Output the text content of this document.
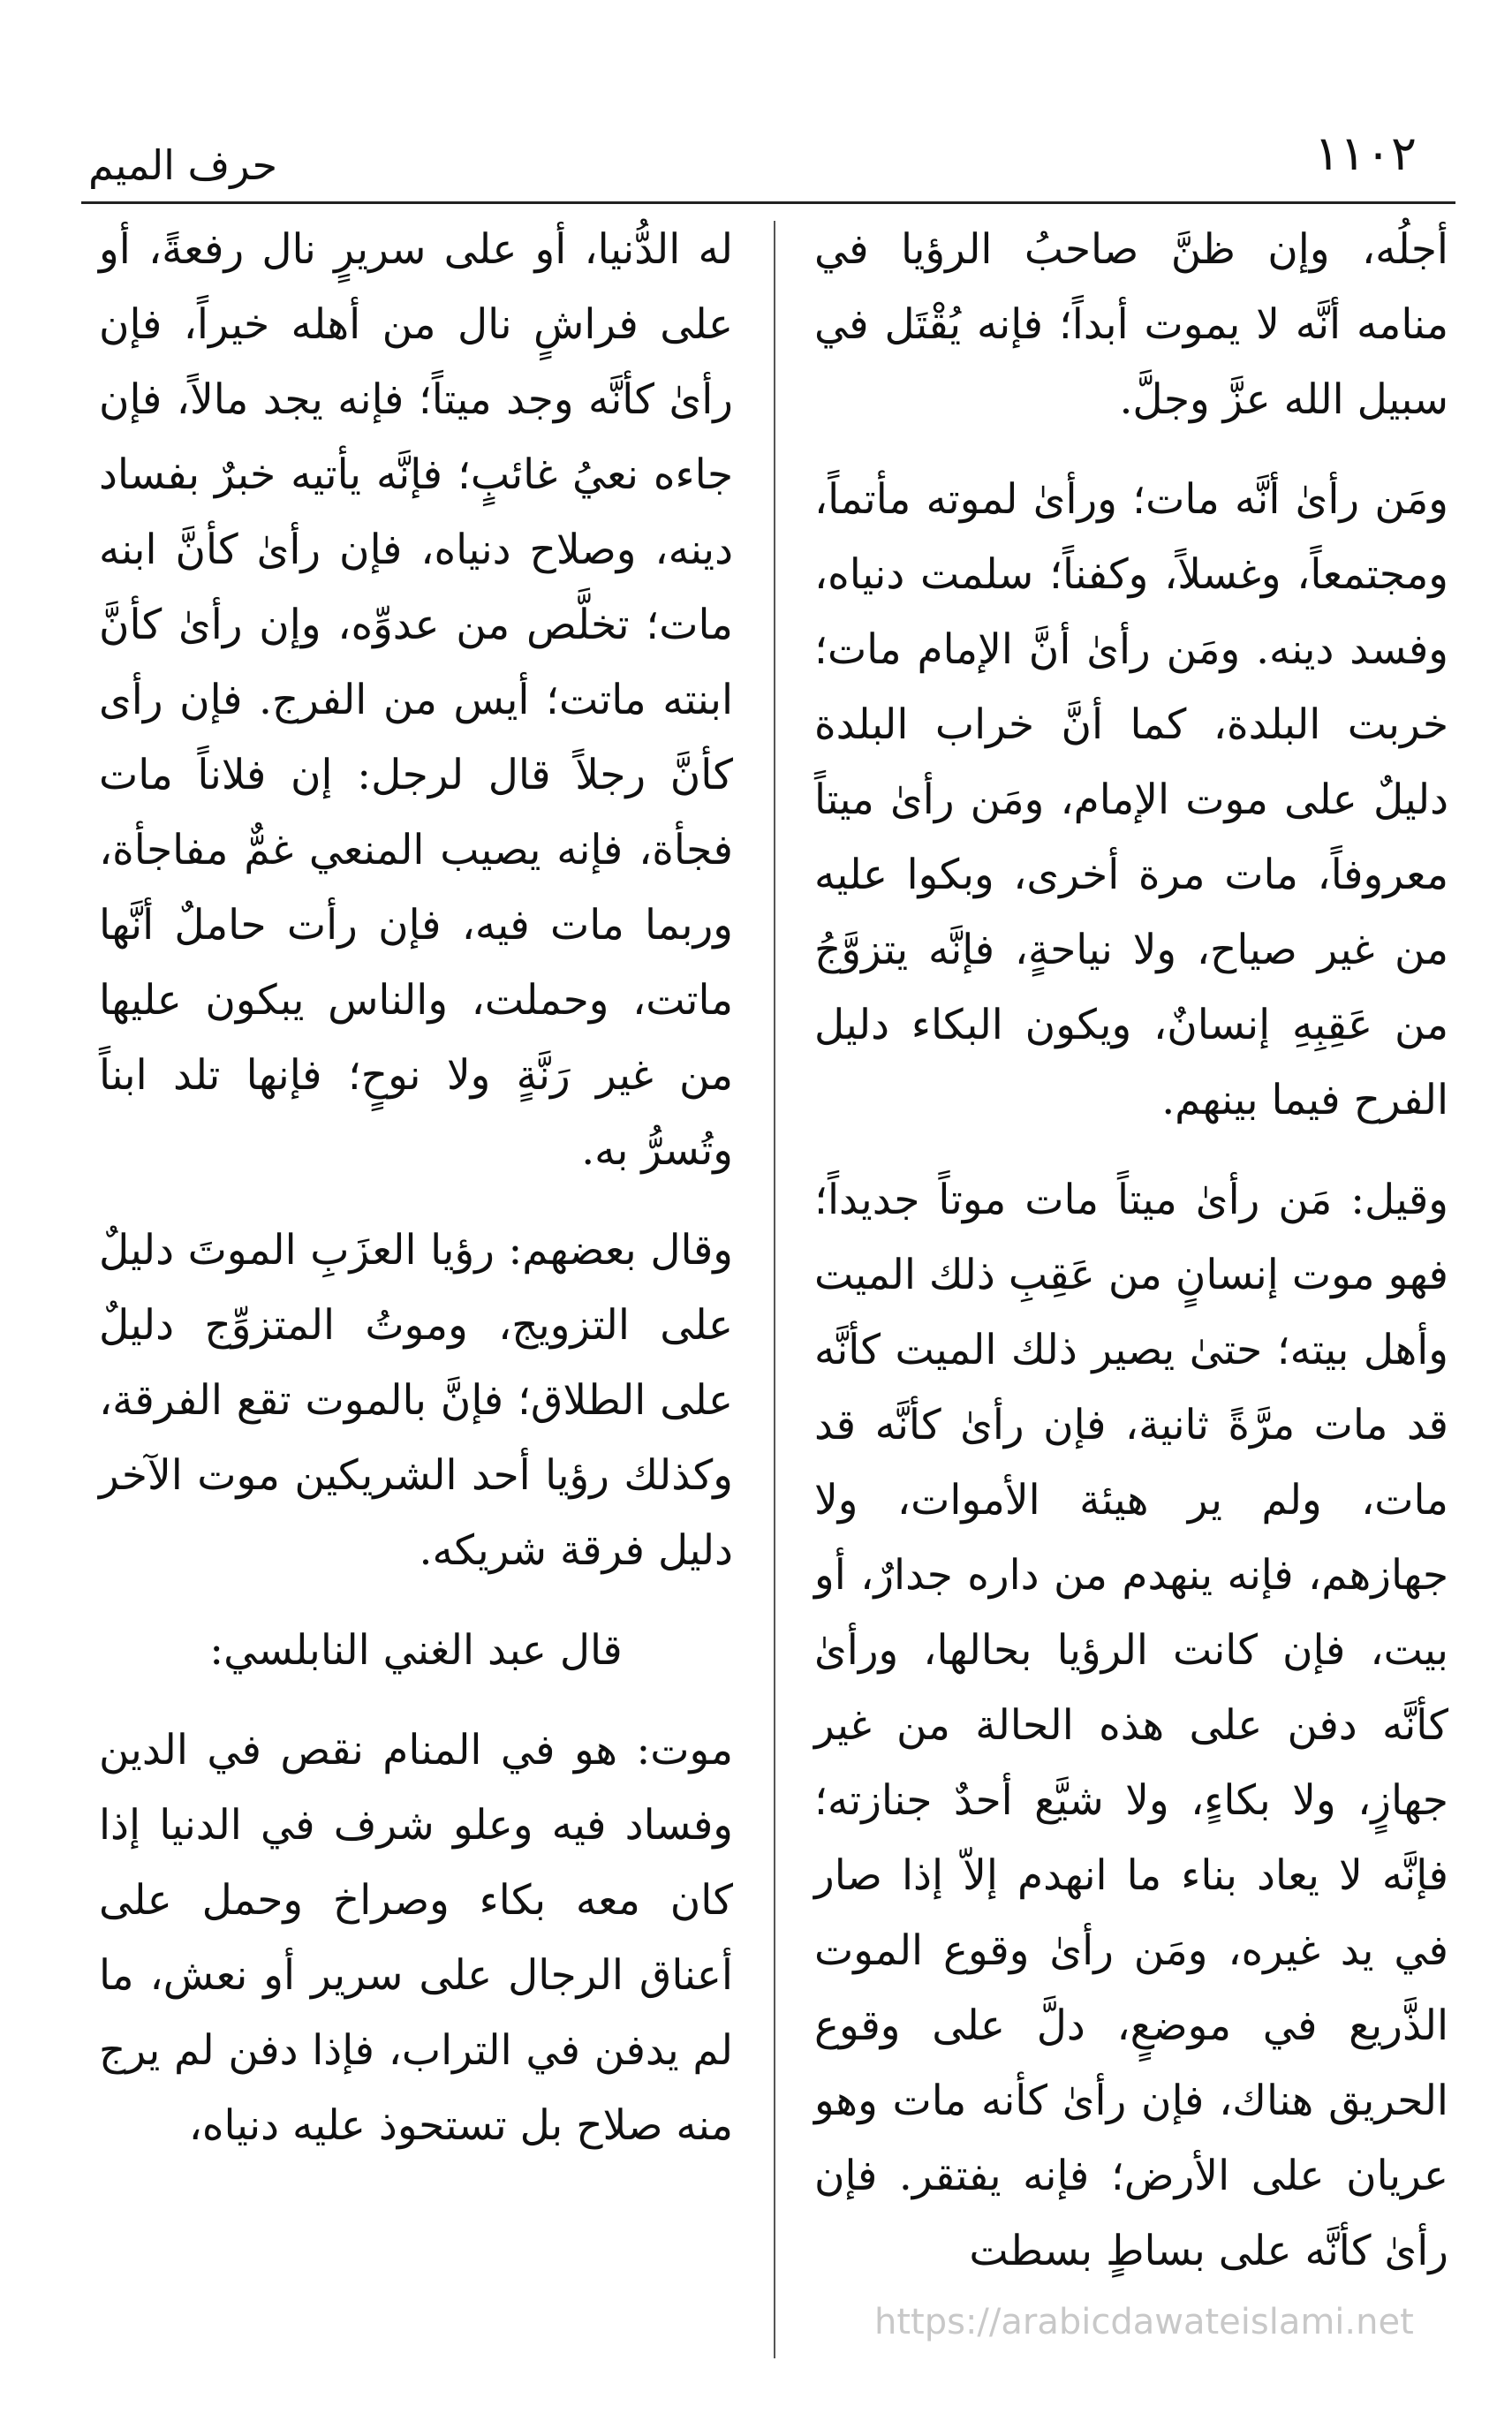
١١٠٢
حرف الميم

أجلُه، وإن ظنَّ صاحبُ الرؤيا في منامه أنَّه لا يموت أبداً؛ فإنه يُقْتَل في سبيل الله عزَّ وجلَّ.

ومَن رأىٰ أنَّه مات؛ ورأىٰ لموته مأتماً، ومجتمعاً، وغسلاً، وكفناً؛ سلمت دنياه، وفسد دينه. ومَن رأىٰ أنَّ الإمام مات؛ خربت البلدة، كما أنَّ خراب البلدة دليلٌ على موت الإمام، ومَن رأىٰ ميتاً معروفاً، مات مرة أخرى، وبكوا عليه من غير صياح، ولا نياحةٍ، فإنَّه يتزوَّجُ من عَقِبِهِ إنسانٌ، ويكون البكاء دليل الفرح فيما بينهم.

وقيل: مَن رأىٰ ميتاً مات موتاً جديداً؛ فهو موت إنسانٍ من عَقِبِ ذلك الميت وأهل بيته؛ حتىٰ يصير ذلك الميت كأنَّه قد مات مرَّةً ثانية، فإن رأىٰ كأنَّه قد مات، ولم ير هيئة الأموات، ولا جهازهم، فإنه ينهدم من داره جدارٌ، أو بيت، فإن كانت الرؤيا بحالها، ورأىٰ كأنَّه دفن على هذه الحالة من غير جهازٍ، ولا بكاءٍ، ولا شيَّع أحدٌ جنازته؛ فإنَّه لا يعاد بناء ما انهدم إلاّ إذا صار في يد غيره، ومَن رأىٰ وقوع الموت الذَّريع في موضعٍ، دلَّ على وقوع الحريق هناك، فإن رأىٰ كأنه مات وهو عريان على الأرض؛ فإنه يفتقر. فإن رأىٰ كأنَّه على بساطٍ بسطت

له الدُّنيا، أو على سريرٍ نال رفعةً، أو على فراشٍ نال من أهله خيراً، فإن رأىٰ كأنَّه وجد ميتاً؛ فإنه يجد مالاً، فإن جاءه نعيُ غائبٍ؛ فإنَّه يأتيه خبرٌ بفساد دينه، وصلاح دنياه، فإن رأىٰ كأنَّ ابنه مات؛ تخلَّص من عدوِّه، وإن رأىٰ كأنَّ ابنته ماتت؛ أيس من الفرج. فإن رأى كأنَّ رجلاً قال لرجل: إن فلاناً مات فجأة، فإنه يصيب المنعي غمٌّ مفاجأة، وربما مات فيه، فإن رأت حاملٌ أنَّها ماتت، وحملت، والناس يبكون عليها من غير رَنَّةٍ ولا نوحٍ؛ فإنها تلد ابناً وتُسرُّ به.

وقال بعضهم: رؤيا العزَبِ الموتَ دليلٌ على التزويج، وموتُ المتزوِّج دليلٌ على الطلاق؛ فإنَّ بالموت تقع الفرقة، وكذلك رؤيا أحد الشريكين موت الآخر دليل فرقة شريكه.

قال عبد الغني النابلسي:

موت: هو في المنام نقص في الدين وفساد فيه وعلو شرف في الدنيا إذا كان معه بكاء وصراخ وحمل على أعناق الرجال على سرير أو نعش، ما لم يدفن في التراب، فإذا دفن لم يرج منه صلاح بل تستحوذ عليه دنياه،

https://arabicdawateislami.net
